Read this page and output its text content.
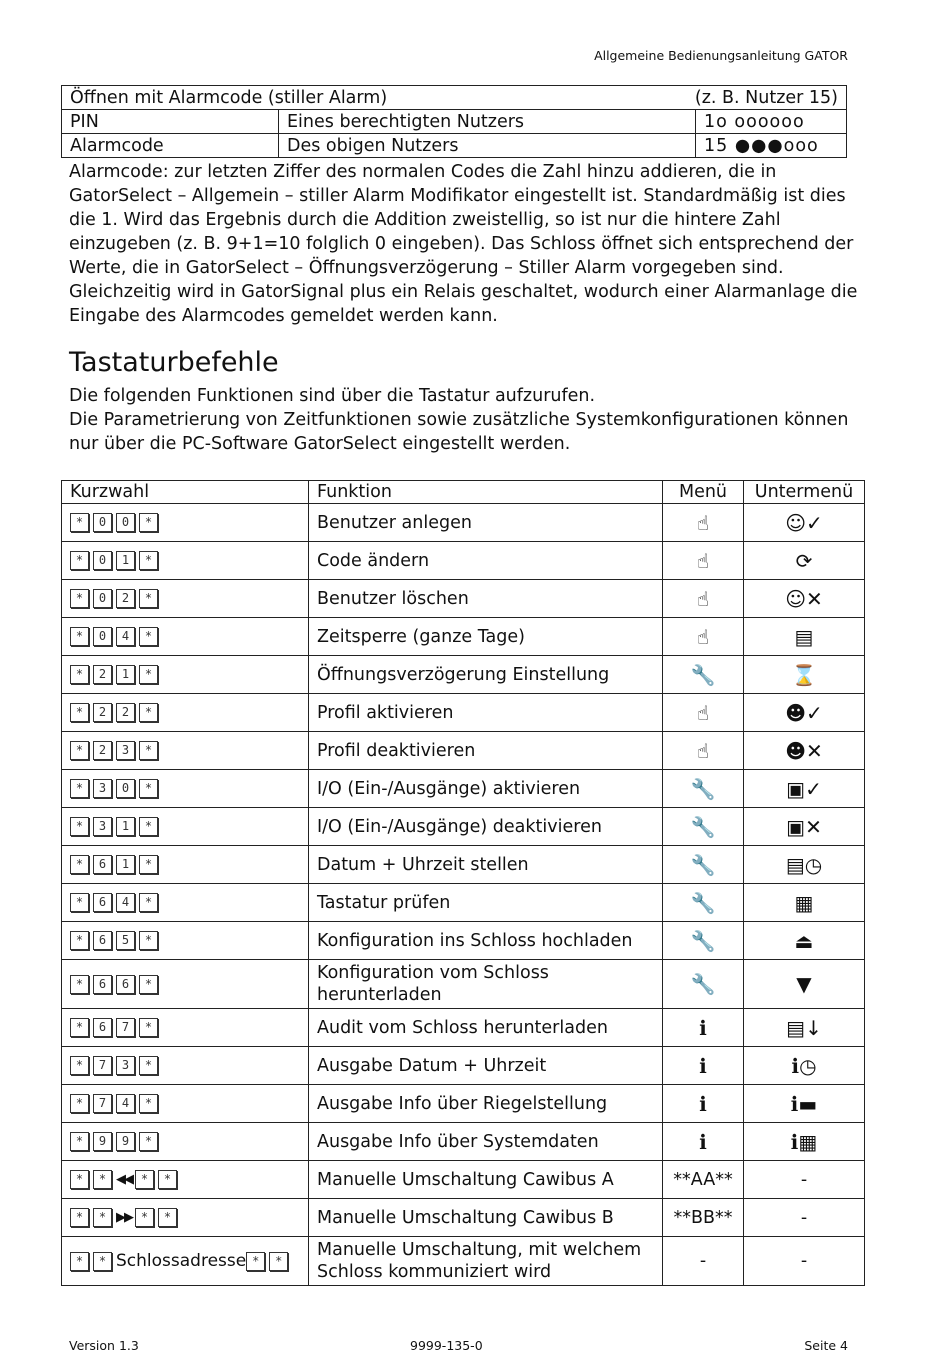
Allgemeine Bedienungsanleitung GATOR
Öffnen mit Alarmcode (stiller Alarm) (z. B. Nutzer 15)		

PIN	Eines berechtigten Nutzers	1o oooooo
Alarmcode	Des obigen Nutzers	15 ●●●ooo

Alarmcode: zur letzten Ziffer des normalen Codes die Zahl hinzu addieren, die in GatorSelect – Allgemein – stiller Alarm Modifikator eingestellt ist. Standardmäßig ist dies die 1. Wird das Ergebnis durch die Addition zweistellig, so ist nur die hintere Zahl einzugeben (z. B. 9+1=10 folglich 0 eingeben). Das Schloss öffnet sich entsprechend der Werte, die in GatorSelect – Öffnungsverzögerung – Stiller Alarm vorgegeben sind. Gleichzeitig wird in GatorSignal plus ein Relais geschaltet, wodurch einer Alarmanlage die Eingabe des Alarmcodes gemeldet werden kann.

Tastaturbefehle

Die folgenden Funktionen sind über die Tastatur aufzurufen.

Die Parametrierung von Zeitfunktionen sowie zusätzliche Systemkonfigurationen können nur über die PC-Software GatorSelect eingestellt werden.

Kurzwahl	Funktion	Menü	Untermenü
* 0 0 *	Benutzer anlegen	☝	☺✓
* 0 1 *	Code ändern	☝	⟳
* 0 2 *	Benutzer löschen	☝	☺✕
* 0 4 *	Zeitsperre (ganze Tage)	☝	▤
* 2 1 *	Öffnungsverzögerung Einstellung	🔧	⌛
* 2 2 *	Profil aktivieren	☝	☻✓
* 2 3 *	Profil deaktivieren	☝	☻✕
* 3 0 *	I/O (Ein-/Ausgänge) aktivieren	🔧	▣✓
* 3 1 *	I/O (Ein-/Ausgänge) deaktivieren	🔧	▣✕
* 6 1 *	Datum + Uhrzeit stellen	🔧	▤◷
* 6 4 *	Tastatur prüfen	🔧	▦
* 6 5 *	Konfiguration ins Schloss hochladen	🔧	⏏
* 6 6 *	Konfiguration vom Schloss herunterladen	🔧	▼
* 6 7 *	Audit vom Schloss herunterladen	ℹ	▤↓
* 7 3 *	Ausgabe Datum + Uhrzeit	ℹ	ℹ◷
* 7 4 *	Ausgabe Info über Riegelstellung	ℹ	ℹ▬
* 9 9 *	Ausgabe Info über Systemdaten	ℹ	ℹ▦
* * ◀◀ * *	Manuelle Umschaltung Cawibus A	**AA**	-
* * ▶▶ * *	Manuelle Umschaltung Cawibus B	**BB**	-
* * Schlossadresse * *	Manuelle Umschaltung, mit welchem Schloss kommuniziert wird	-	-
Version 1.3	9999-135-0	Seite 4
